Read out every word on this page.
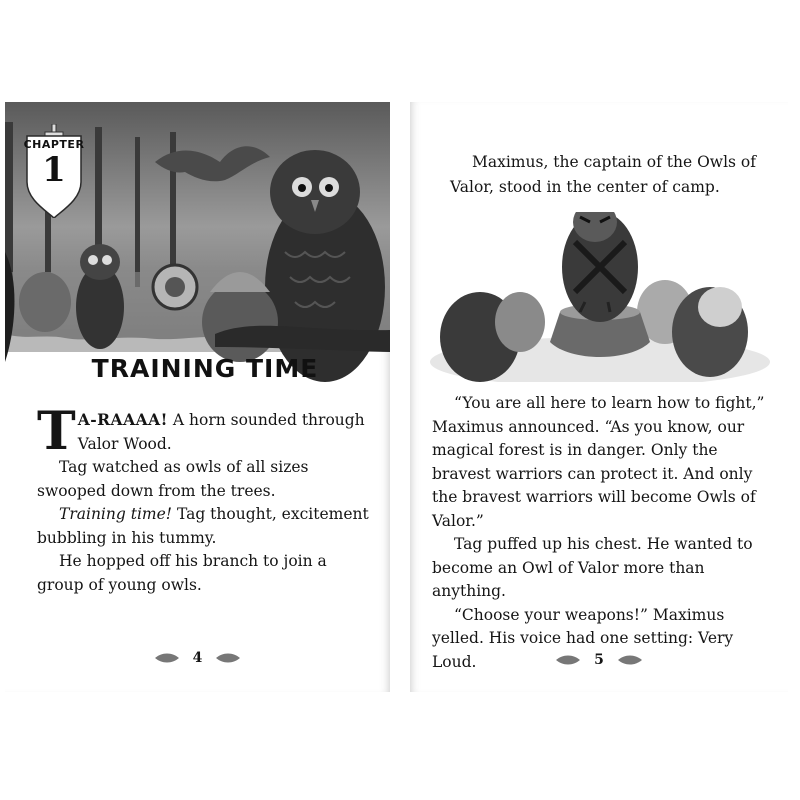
CHAPTER
1
TRAINING TIME

T A-RAAAA! A horn sounded through Valor Wood.

Tag watched as owls of all sizes swooped down from the trees.

Training time! Tag thought, excitement bubbling in his tummy.

He hopped off his branch to join a group of young owls.

4

Maximus, the captain of the Owls of Valor, stood in the center of camp.

“You are all here to learn how to fight,” Maximus announced. “As you know, our magical forest is in danger. Only the bravest warriors can protect it. And only the bravest warriors will become Owls of Valor.”

Tag puffed up his chest. He wanted to become an Owl of Valor more than anything.

“Choose your weapons!” Maximus yelled. His voice had one setting: Very Loud.	5
